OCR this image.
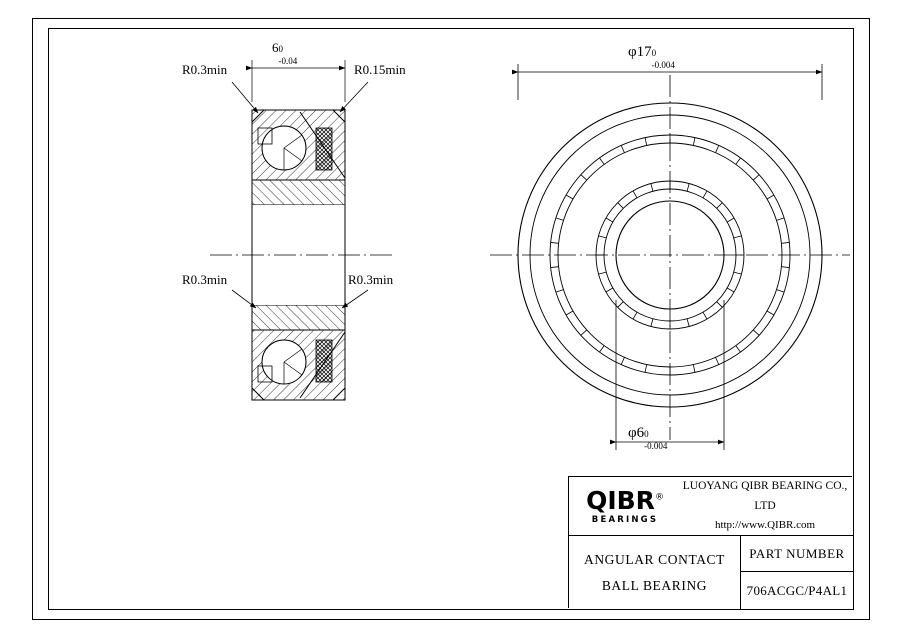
R0.3min	R0.15min
R0.3min	R0.3min
6 0
-0.04
φ17 0
-0.004
φ6 0
-0.004
QIBR®
BEARINGS
LUOYANG QIBR BEARING CO., LTD
http://www.QIBR.com
ANGULAR CONTACT
BALL BEARING
PART NUMBER
706ACGC/P4AL1
